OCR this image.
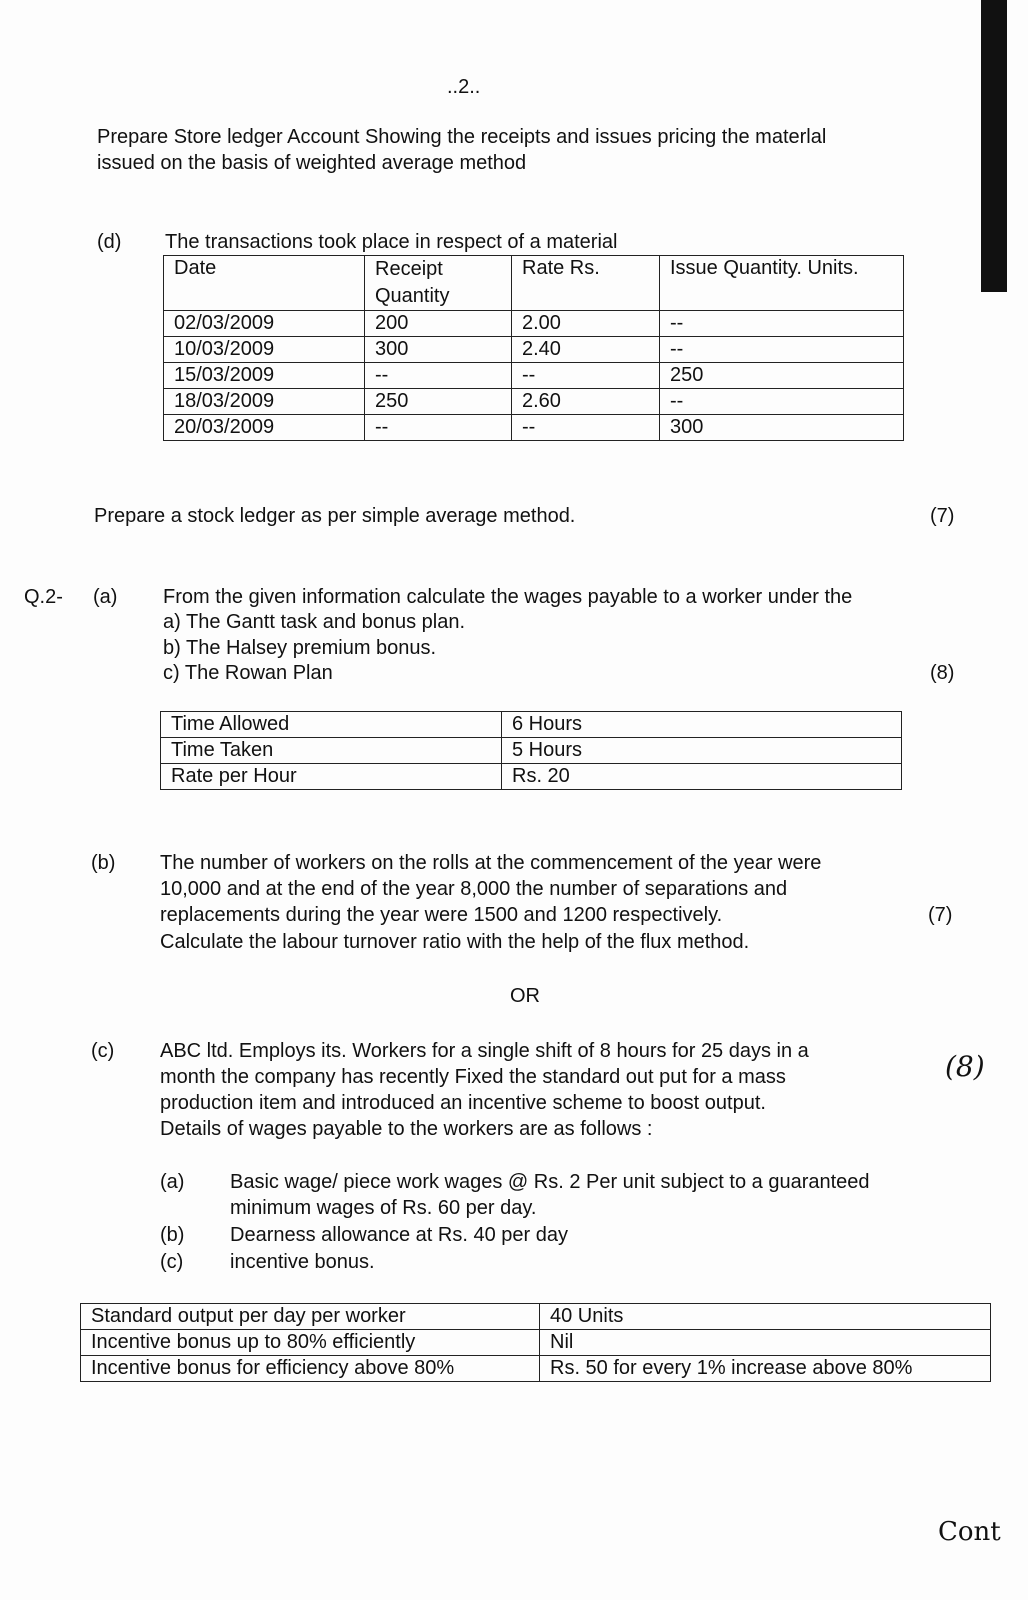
..2..
Prepare Store ledger Account Showing the receipts and issues pricing the materlal
issued on the basis of weighted average method
(d) The transactions took place in respect of a material
Date	Receipt Quantity	Rate Rs.	Issue Quantity. Units.
02/03/2009	200	2.00	--
10/03/2009	300	2.40	--
15/03/2009	--	--	250
18/03/2009	250	2.60	--
20/03/2009	--	--	300
Prepare a stock ledger as per simple average method.	(7)
Q.2- (a) From the given information calculate the wages payable to a worker under the
a) The Gantt task and bonus plan.
b) The Halsey premium bonus.
c) The Rowan Plan	(8)
Time Allowed	6 Hours
Time Taken	5 Hours
Rate per Hour	Rs. 20
(b) The number of workers on the rolls at the commencement of the year were
10,000 and at the end of the year 8,000 the number of separations and
replacements during the year were 1500 and 1200 respectively.
Calculate the labour turnover ratio with the help of the flux method.
(7)
OR
(c) ABC ltd. Employs its. Workers for a single shift of 8 hours for 25 days in a
month the company has recently Fixed the standard out put for a mass
production item and introduced an incentive scheme to boost output.
Details of wages payable to the workers are as follows :
(8)
(a) Basic wage/ piece work wages @ Rs. 2 Per unit subject to a guaranteed
minimum wages of Rs. 60 per day.
(b) Dearness allowance at Rs. 40 per day
(c) incentive bonus.
Standard output per day per worker	40 Units
Incentive bonus up to 80% efficiently	Nil
Incentive bonus for efficiency above 80%	Rs. 50 for every 1% increase above 80%
Cont
